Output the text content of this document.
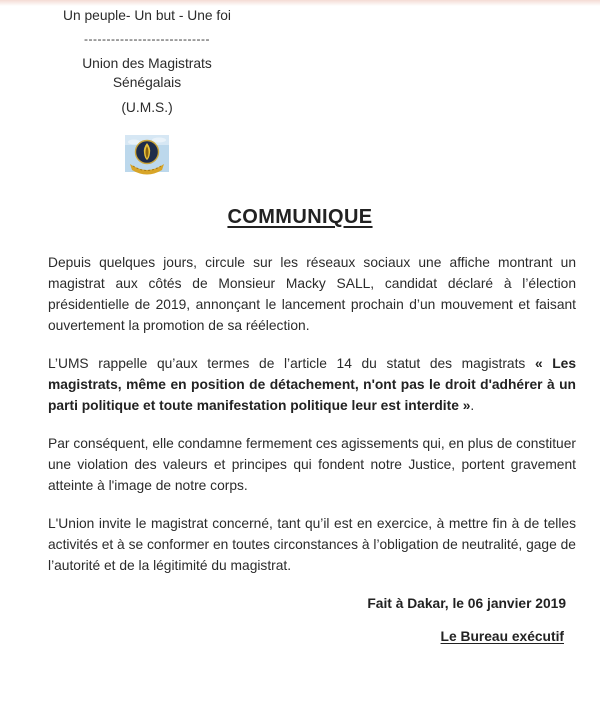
Un peuple- Un but - Une foi
----------------------------
Union des Magistrats Sénégalais
(U.M.S.)
COMMUNIQUE

Depuis quelques jours, circule sur les réseaux sociaux une affiche montrant un magistrat aux côtés de Monsieur Macky SALL, candidat déclaré à l’élection présidentielle de 2019, annonçant le lancement prochain d’un mouvement et faisant ouvertement la promotion de sa réélection.

L’UMS rappelle qu’aux termes de l’article 14 du statut des magistrats « Les magistrats, même en position de détachement, n'ont pas le droit d'adhérer à un parti politique et toute manifestation politique leur est interdite ».

Par conséquent, elle condamne fermement ces agissements qui, en plus de constituer une violation des valeurs et principes qui fondent notre Justice, portent gravement atteinte à l'image de notre corps.

L'Union invite le magistrat concerné, tant qu’il est en exercice, à mettre fin à de telles activités et à se conformer en toutes circonstances à l’obligation de neutralité, gage de l’autorité et de la légitimité du magistrat.

Fait à Dakar, le 06 janvier 2019
Le Bureau exécutif
